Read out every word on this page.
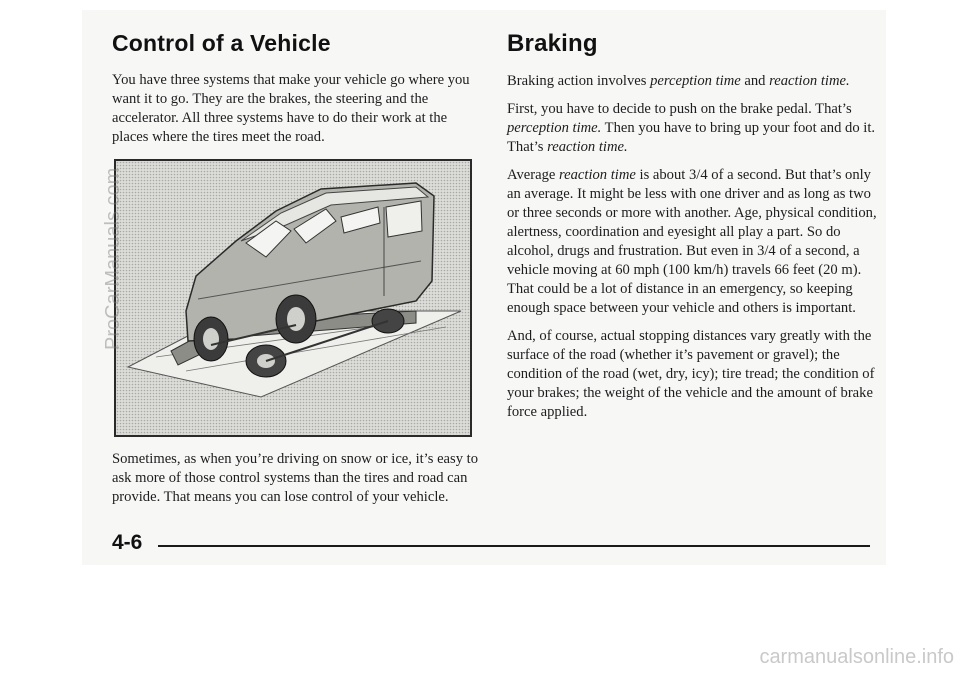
Control of a Vehicle

You have three systems that make your vehicle go where you want it to go. They are the brakes, the steering and the accelerator. All three systems have to do their work at the places where the tires meet the road.

Sometimes, as when you’re driving on snow or ice, it’s easy to ask more of those control systems than the tires and road can provide. That means you can lose control of your vehicle.

Braking

Braking action involves perception time and reaction time.

First, you have to decide to push on the brake pedal. That’s perception time. Then you have to bring up your foot and do it. That’s reaction time.

Average reaction time is about 3/4 of a second. But that’s only an average. It might be less with one driver and as long as two or three seconds or more with another. Age, physical condition, alertness, coordination and eyesight all play a part. So do alcohol, drugs and frustration. But even in 3/4 of a second, a vehicle moving at 60 mph (100 km/h) travels 66 feet (20 m). That could be a lot of distance in an emergency, so keeping enough space between your vehicle and others is important.

And, of course, actual stopping distances vary greatly with the surface of the road (whether it’s pavement or gravel); the condition of the road (wet, dry, icy); tire tread; the condition of your brakes; the weight of the vehicle and the amount of brake force applied.

4-6
ProCarManuals.com
carmanualsonline.info
